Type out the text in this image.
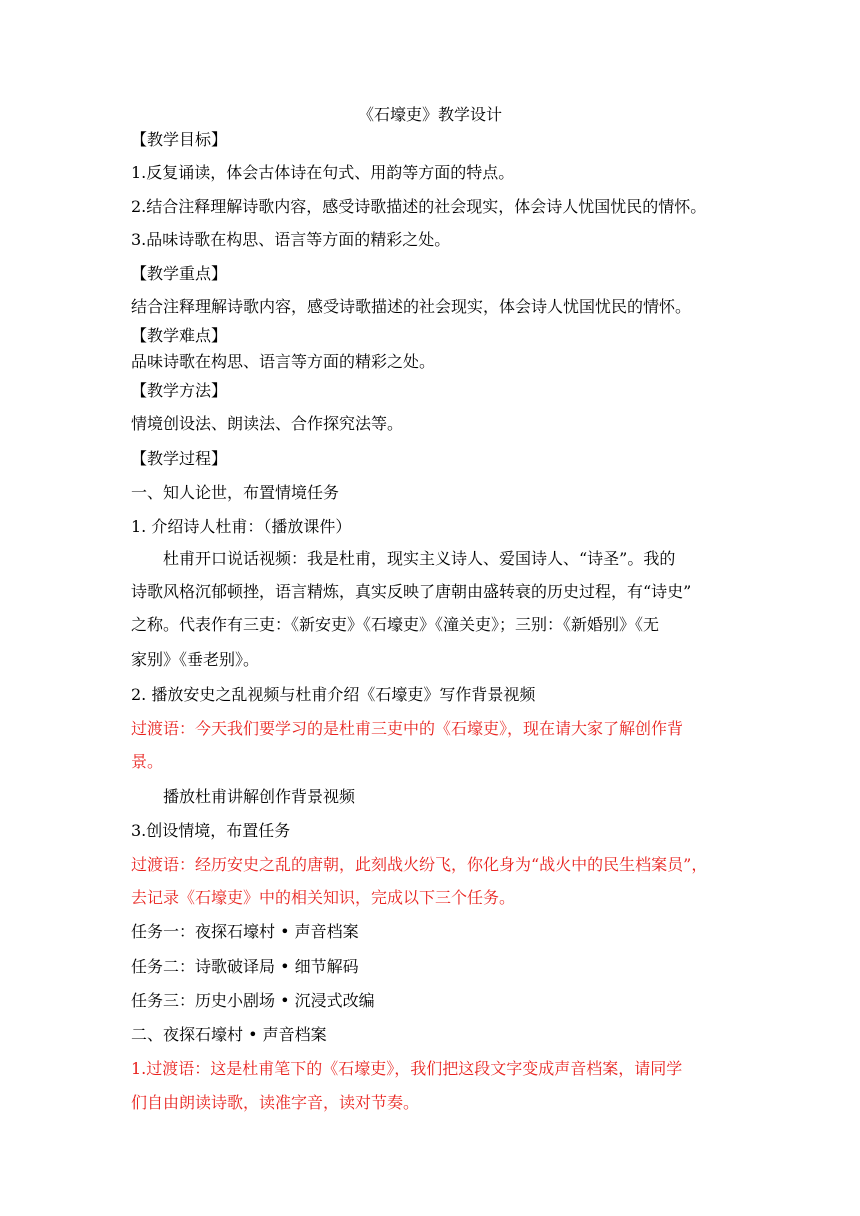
《石壕吏》教学设计
【教学目标】
1.反复诵读，体会古体诗在句式、用韵等方面的特点。
2.结合注释理解诗歌内容，感受诗歌描述的社会现实，体会诗人忧国忧民的情怀。
3.品味诗歌在构思、语言等方面的精彩之处。
【教学重点】
结合注释理解诗歌内容，感受诗歌描述的社会现实，体会诗人忧国忧民的情怀。
【教学难点】
品味诗歌在构思、语言等方面的精彩之处。
【教学方法】
情境创设法、朗读法、合作探究法等。
【教学过程】
一、知人论世，布置情境任务
1. 介绍诗人杜甫：（播放课件）
杜甫开口说话视频：我是杜甫，现实主义诗人、爱国诗人、“诗圣”。我的
诗歌风格沉郁顿挫，语言精炼，真实反映了唐朝由盛转衰的历史过程，有“诗史”
之称。代表作有三吏：《新安吏》《石壕吏》《潼关吏》；三别：《新婚别》《无
家别》《垂老别》。
2. 播放安史之乱视频与杜甫介绍《石壕吏》写作背景视频
过渡语：今天我们要学习的是杜甫三吏中的《石壕吏》，现在请大家了解创作背
景。
播放杜甫讲解创作背景视频
3.创设情境，布置任务
过渡语：经历安史之乱的唐朝，此刻战火纷飞，你化身为“战火中的民生档案员”，
去记录《石壕吏》中的相关知识，完成以下三个任务。
任务一：夜探石壕村 • 声音档案
任务二：诗歌破译局 • 细节解码
任务三：历史小剧场 • 沉浸式改编
二、夜探石壕村 • 声音档案
1.过渡语：这是杜甫笔下的《石壕吏》，我们把这段文字变成声音档案，请同学
们自由朗读诗歌，读准字音，读对节奏。
